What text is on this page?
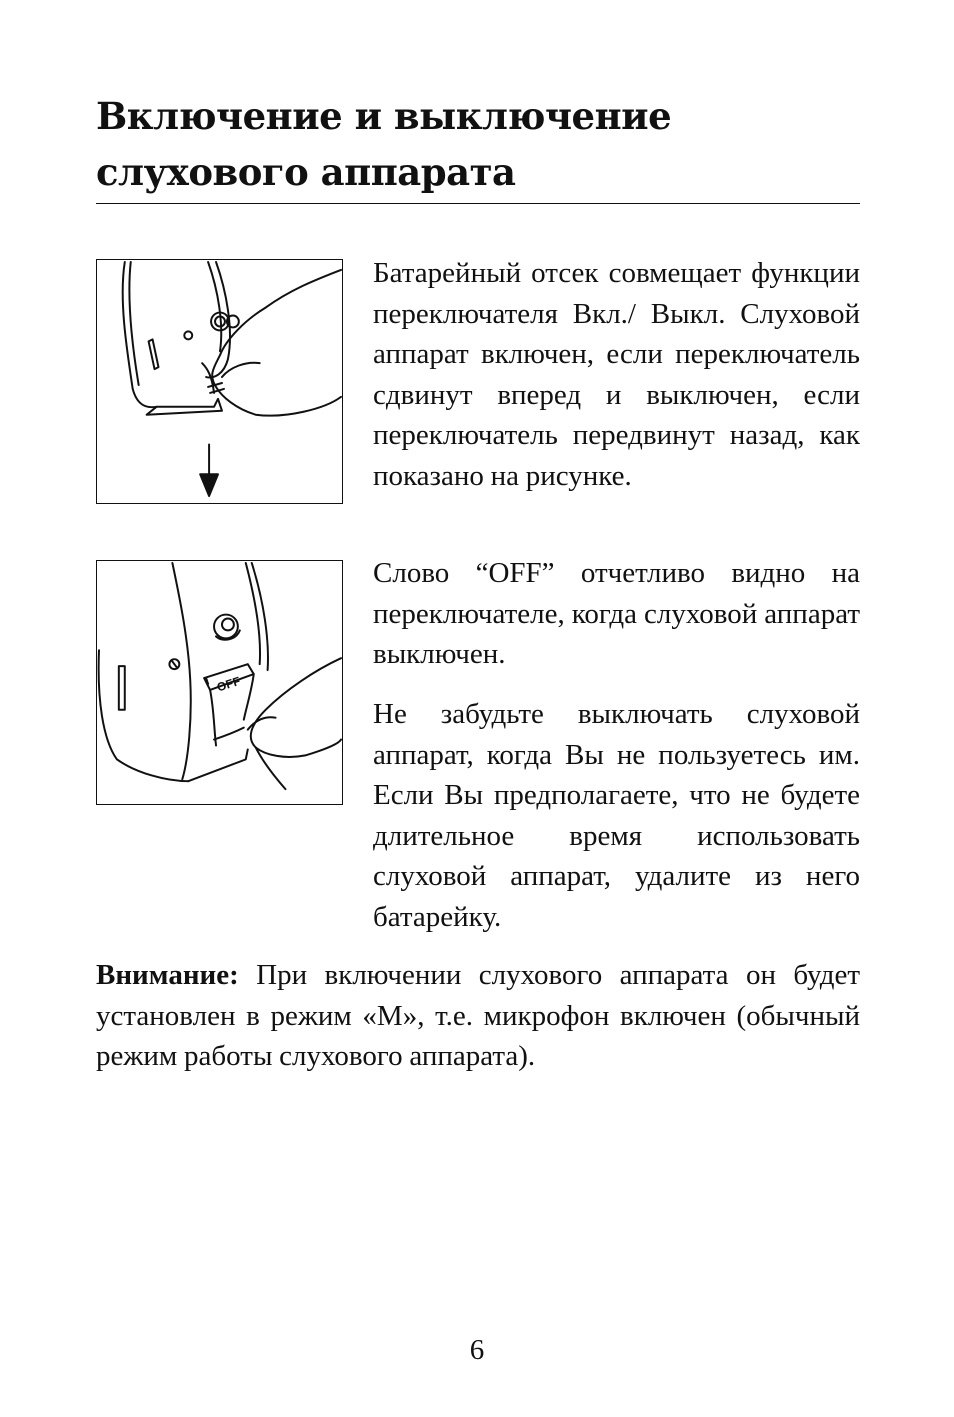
Включение и выключение
слухового аппарата
OFF

Батарейный отсек совмещает функции переключателя Вкл./ Выкл. Слуховой аппарат включен, если переключатель сдвинут вперед и выключен, если переключатель передвинут назад, как показано на рисунке.

Слово “OFF” отчетливо видно на переключателе, когда слуховой аппарат выключен.

Не забудьте выключать слуховой аппарат, когда Вы не пользуетесь им. Если Вы предполагаете, что не будете длительное время использовать слуховой аппарат, удалите из него батарейку.

Внимание: При включении слухового аппарата он будет установлен в режим «М», т.е. микрофон включен (обычный режим работы слухового аппарата).

6
